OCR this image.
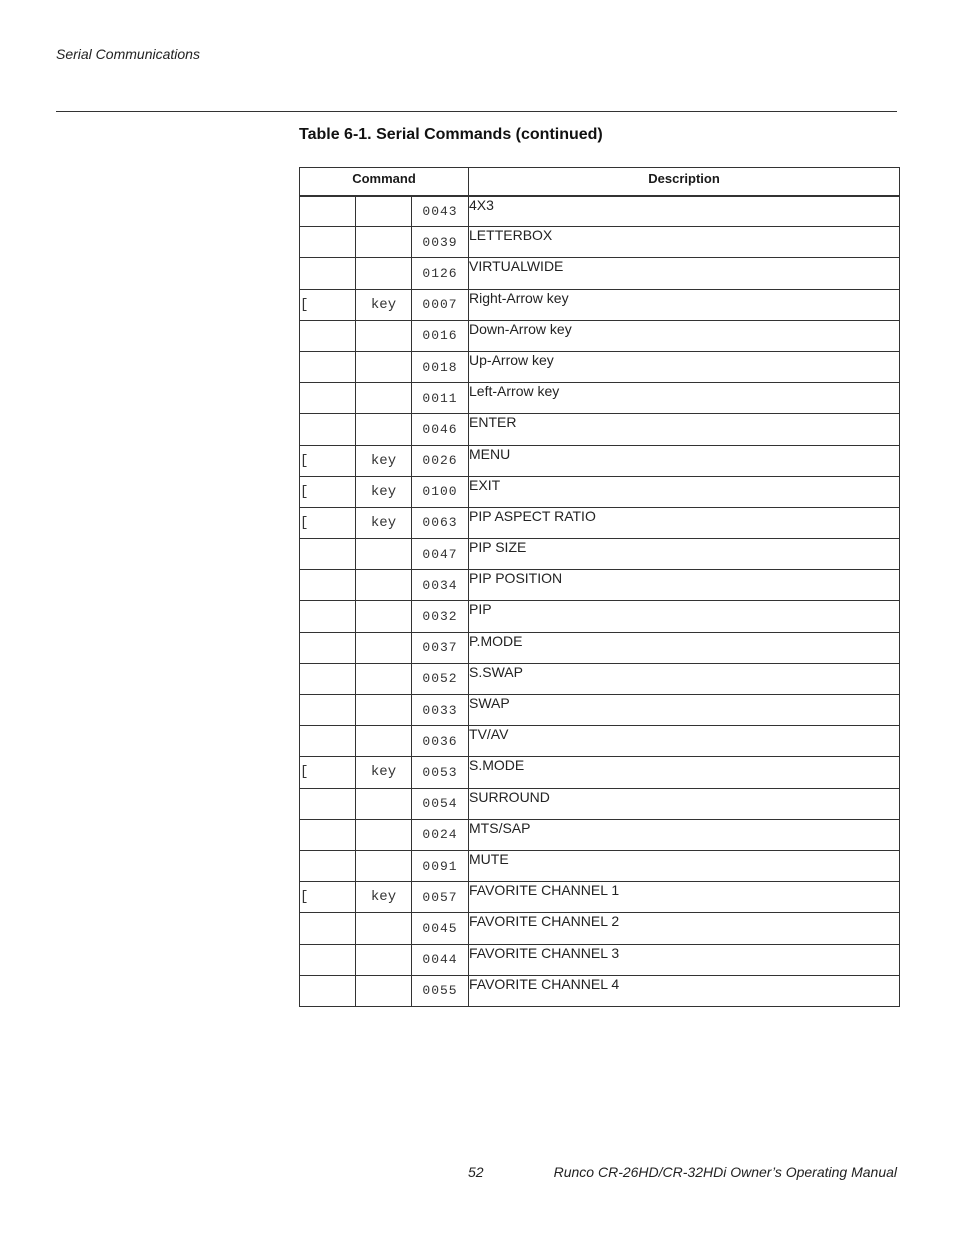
Serial Communications
Table 6-1. Serial Commands (continued)
Command			Description
		0043	4X3
		0039	LETTERBOX
		0126	VIRTUALWIDE
[	key	0007	Right-Arrow key
		0016	Down-Arrow key
		0018	Up-Arrow key
		0011	Left-Arrow key
		0046	ENTER
[	key	0026	MENU
[	key	0100	EXIT
[	key	0063	PIP ASPECT RATIO
		0047	PIP SIZE
		0034	PIP POSITION
		0032	PIP
		0037	P.MODE
		0052	S.SWAP
		0033	SWAP
		0036	TV/AV
[	key	0053	S.MODE
		0054	SURROUND
		0024	MTS/SAP
		0091	MUTE
[	key	0057	FAVORITE CHANNEL 1
		0045	FAVORITE CHANNEL 2
		0044	FAVORITE CHANNEL 3
		0055	FAVORITE CHANNEL 4
52	Runco CR-26HD/CR-32HDi Owner’s Operating Manual
